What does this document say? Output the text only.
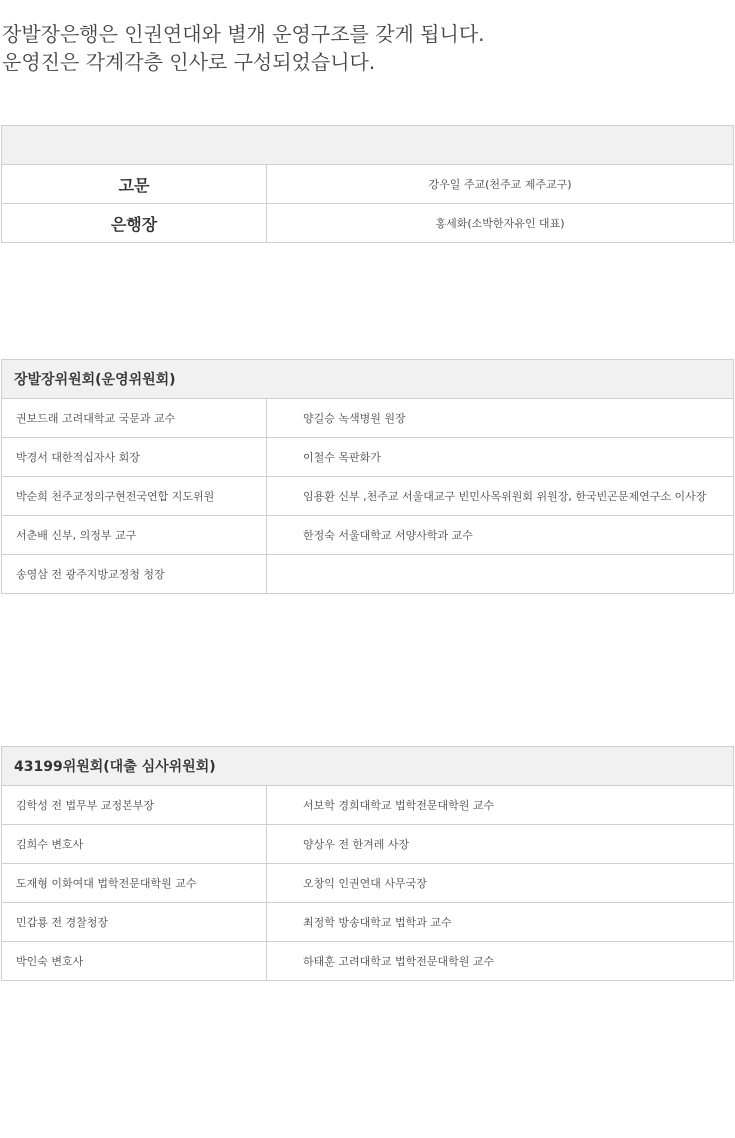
장발장은행은 인권연대와 별개 운영구조를 갖게 됩니다.

운영진은 각계각층 인사로 구성되었습니다.

고문	강우일 주교(천주교 제주교구)
은행장	홍세화(소박한자유인 대표)
장발장위원회(운영위원회)	
권보드래 고려대학교 국문과 교수	양길승 녹색병원 원장
박경서 대한적십자사 회장	이철수 목판화가
박순희 천주교정의구현전국연합 지도위원	임용환 신부 ,천주교 서울대교구 빈민사목위원회 위원장, 한국빈곤문제연구소 이사장
서춘배 신부, 의정부 교구	한정숙 서울대학교 서양사학과 교수
송영삼 전 광주지방교정청 청장	
43199위원회(대출 심사위원회)	
김학성 전 법무부 교정본부장	서보학 경희대학교 법학전문대학원 교수
김희수 변호사	양상우 전 한겨레 사장
도재형 이화여대 법학전문대학원 교수	오창익 인권연대 사무국장
민갑룡 전 경찰청장	최정학 방송대학교 법학과 교수
박인숙 변호사	하태훈 고려대학교 법학전문대학원 교수
